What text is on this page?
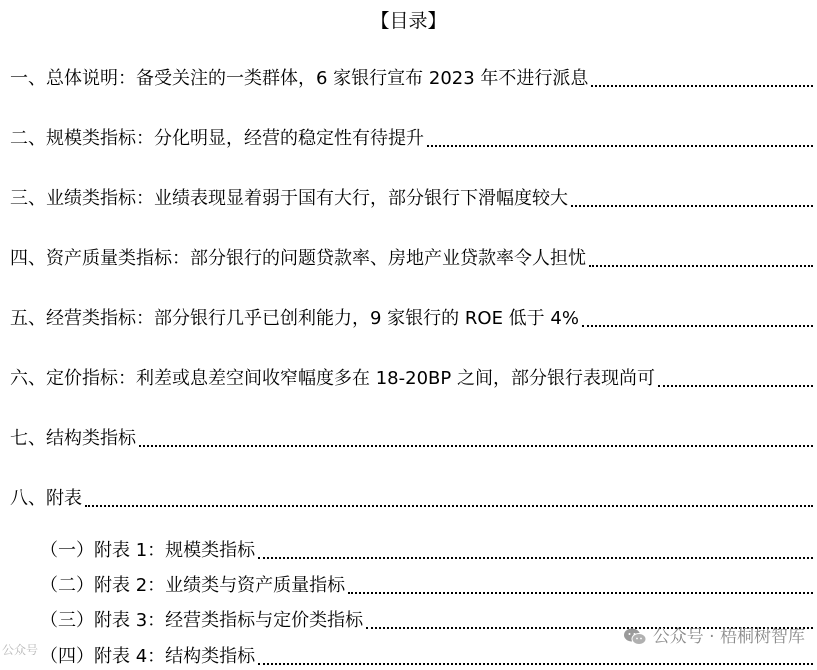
【目录】
一、总体说明：备受关注的一类群体，6 家银行宣布 2023 年不进行派息
二、规模类指标：分化明显，经营的稳定性有待提升
三、业绩类指标：业绩表现显着弱于国有大行，部分银行下滑幅度较大
四、资产质量类指标：部分银行的问题贷款率、房地产业贷款率令人担忧
五、经营类指标：部分银行几乎已创利能力，9 家银行的 ROE 低于 4%
六、定价指标：利差或息差空间收窄幅度多在 18-20BP 之间，部分银行表现尚可
七、结构类指标
八、附表
（一）附表 1：规模类指标
（二）附表 2：业绩类与资产质量指标
（三）附表 3：经营类指标与定价类指标
（四）附表 4：结构类指标
公众号
公众号 · 梧桐树智库
